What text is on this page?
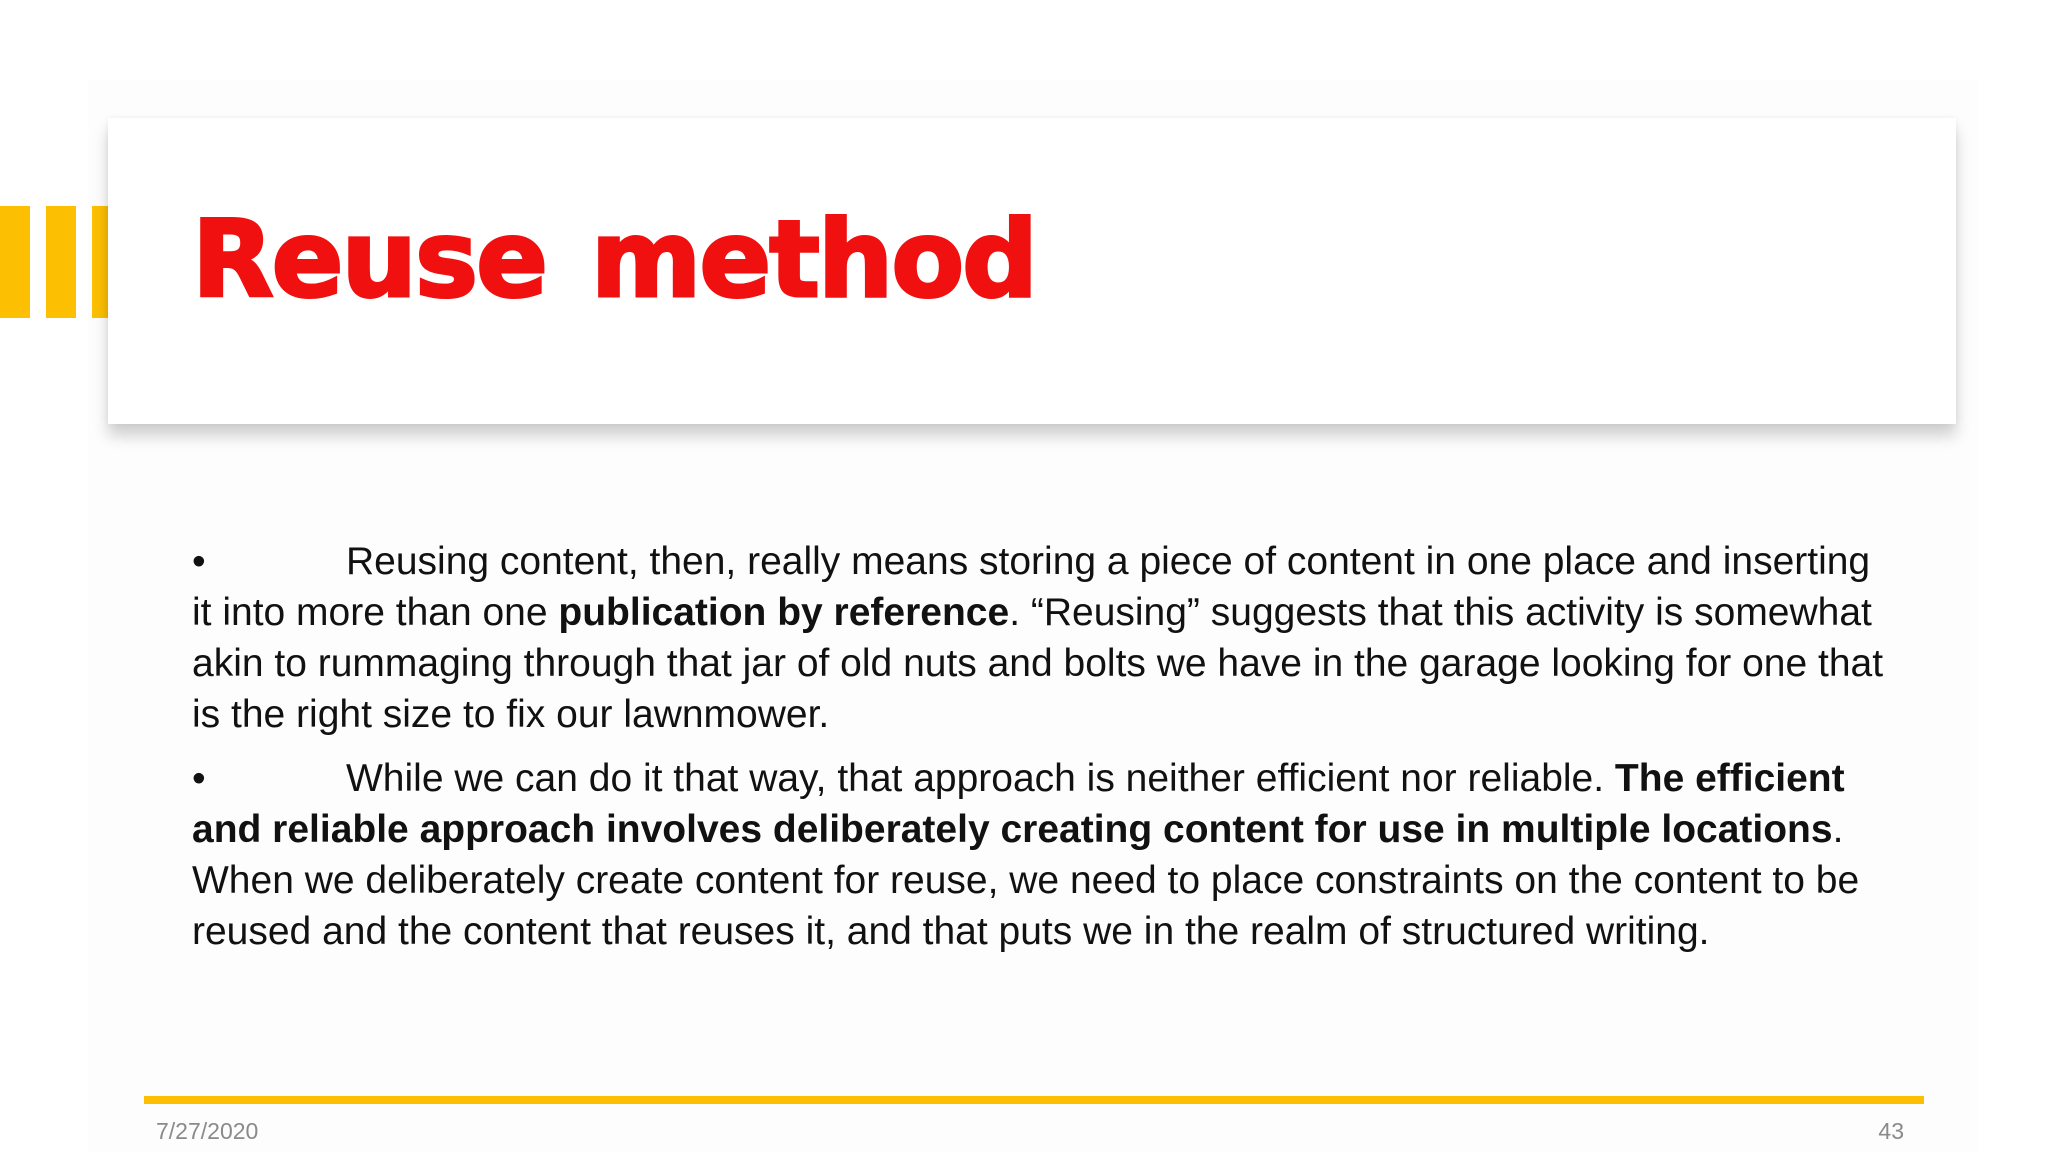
Reuse method

•	Reusing content, then, really means storing a piece of content in one place and inserting it into more than one publication by reference. “Reusing” suggests that this activity is somewhat akin to rummaging through that jar of old nuts and bolts we have in the garage looking for one that is the right size to fix our lawnmower.

•	While we can do it that way, that approach is neither efficient nor reliable. The efficient and reliable approach involves deliberately creating content for use in multiple locations. When we deliberately create content for reuse, we need to place constraints on the content to be reused and the content that reuses it, and that puts we in the realm of structured writing.

7/27/2020	43
